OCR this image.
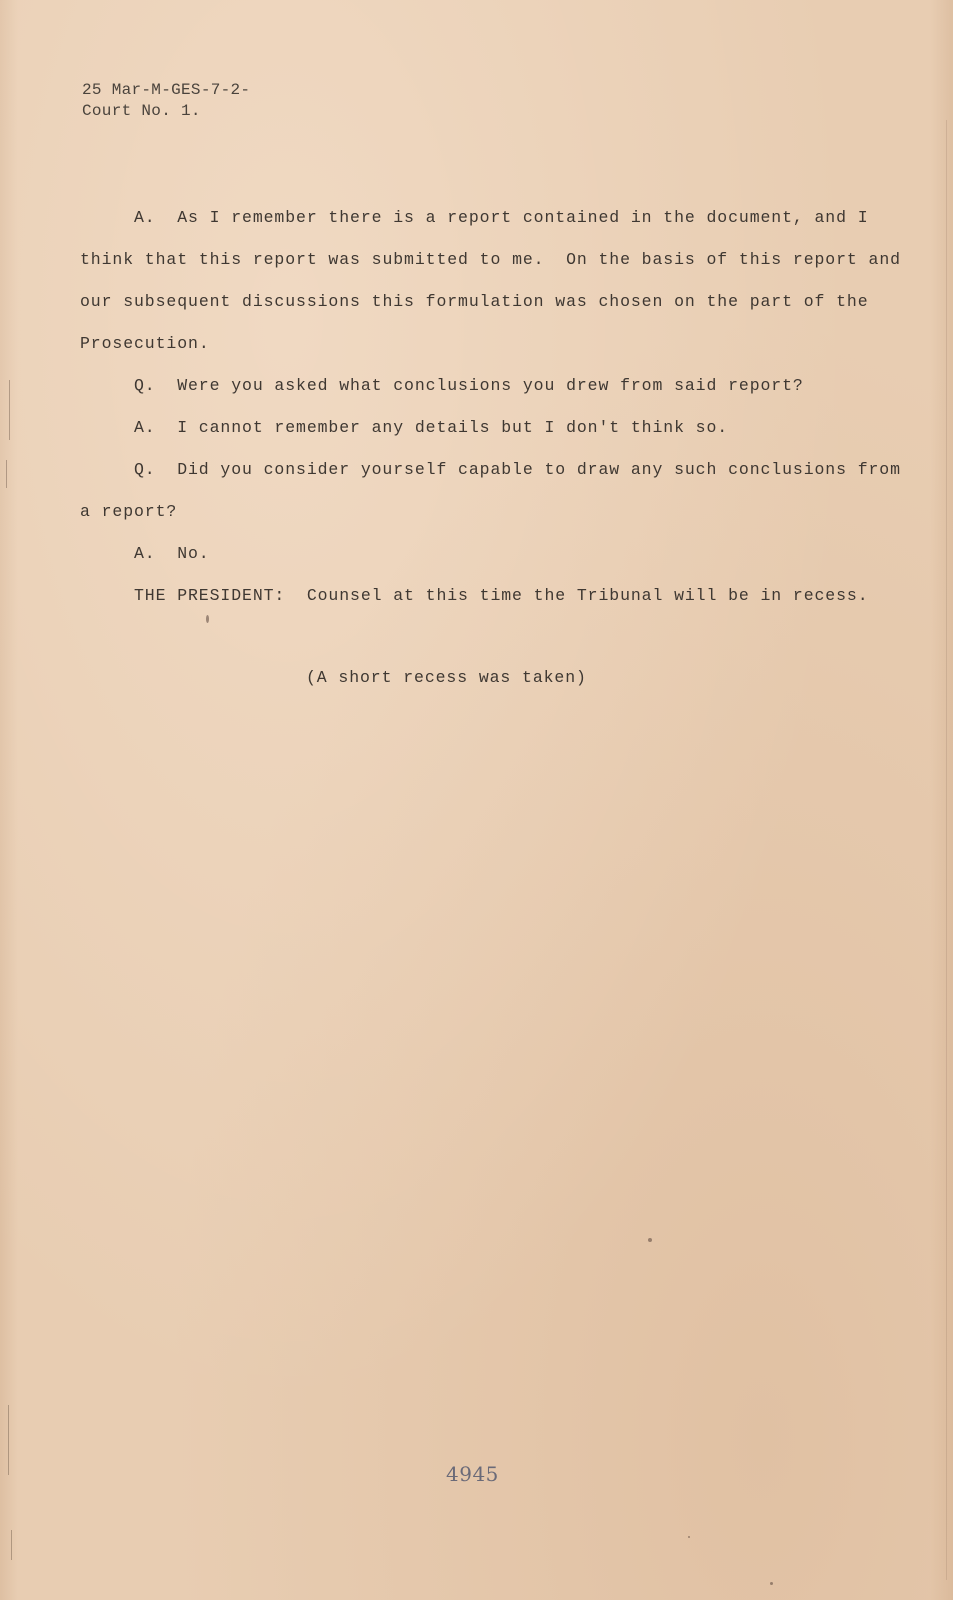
25 Mar-M-GES-7-2-
Court No. 1.
A.  As I remember there is a report contained in the document, and I
think that this report was submitted to me.  On the basis of this report and
our subsequent discussions this formulation was chosen on the part of the
Prosecution.
Q.  Were you asked what conclusions you drew from said report?
A.  I cannot remember any details but I don't think so.
Q.  Did you consider yourself capable to draw any such conclusions from
a report?
A.  No.
THE PRESIDENT:  Counsel at this time the Tribunal will be in recess.
(A short recess was taken)
4945
